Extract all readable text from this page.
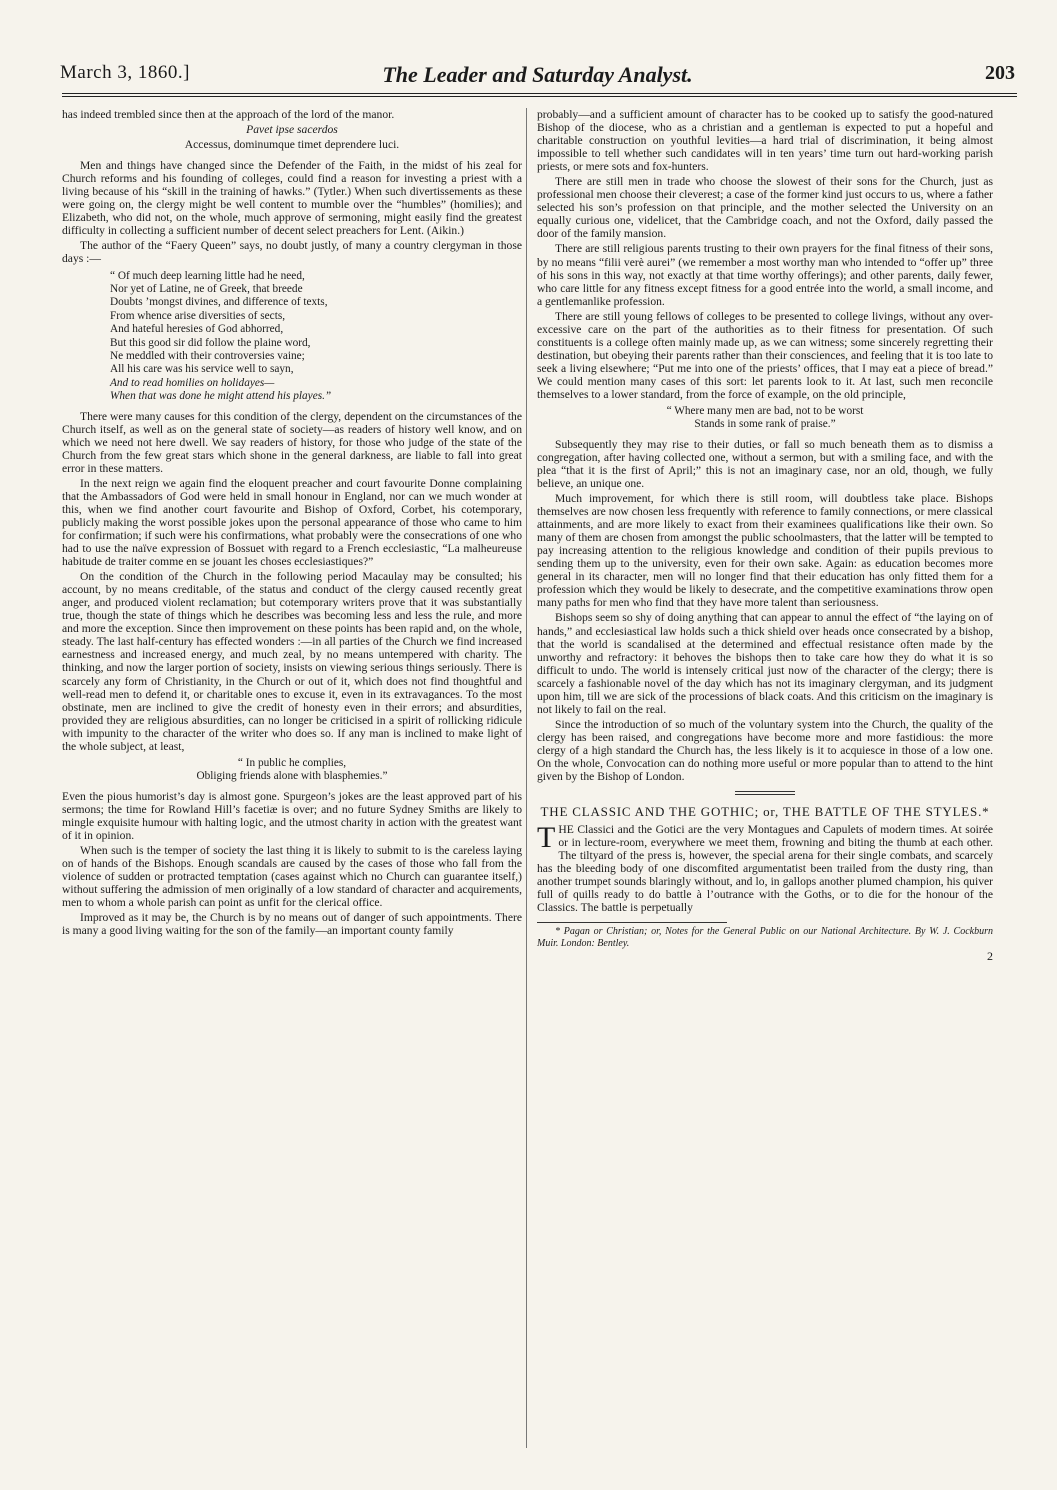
March 3, 1860.]	The Leader and Saturday Analyst.	203

has indeed trembled since then at the approach of the lord of the manor.

Pavet ipse sacerdos

Accessus, dominumque timet deprendere luci.

Men and things have changed since the Defender of the Faith, in the midst of his zeal for Church reforms and his founding of colleges, could find a reason for investing a priest with a living because of his “skill in the training of hawks.” (Tytler.) When such divertissements as these were going on, the clergy might be well content to mumble over the “humbles” (homilies); and Elizabeth, who did not, on the whole, much approve of sermoning, might easily find the greatest difficulty in collecting a sufficient number of decent select preachers for Lent. (Aikin.)

The author of the “Faery Queen” says, no doubt justly, of many a country clergyman in those days :—

“ Of much deep learning little had he need,
Nor yet of Latine, ne of Greek, that breede
Doubts ’mongst divines, and difference of texts,
From whence arise diversities of sects,
And hateful heresies of God abhorred,
But this good sir did follow the plaine word,
Ne meddled with their controversies vaine;
All his care was his service well to sayn,
And to read homilies on holidayes—
When that was done he might attend his playes.”

There were many causes for this condition of the clergy, dependent on the circumstances of the Church itself, as well as on the general state of society—as readers of history well know, and on which we need not here dwell. We say readers of history, for those who judge of the state of the Church from the few great stars which shone in the general darkness, are liable to fall into great error in these matters.

In the next reign we again find the eloquent preacher and court favourite Donne complaining that the Ambassadors of God were held in small honour in England, nor can we much wonder at this, when we find another court favourite and Bishop of Oxford, Corbet, his cotemporary, publicly making the worst possible jokes upon the personal appearance of those who came to him for confirmation; if such were his confirmations, what probably were the consecrations of one who had to use the naïve expression of Bossuet with regard to a French ecclesiastic, “La malheureuse habitude de traiter comme en se jouant les choses ecclesiastiques?”

On the condition of the Church in the following period Macaulay may be consulted; his account, by no means creditable, of the status and conduct of the clergy caused recently great anger, and produced violent reclamation; but cotemporary writers prove that it was substantially true, though the state of things which he describes was becoming less and less the rule, and more and more the exception. Since then improvement on these points has been rapid and, on the whole, steady. The last half-century has effected wonders :—in all parties of the Church we find increased earnestness and increased energy, and much zeal, by no means untempered with charity. The thinking, and now the larger portion of society, insists on viewing serious things seriously. There is scarcely any form of Christianity, in the Church or out of it, which does not find thoughtful and well-read men to defend it, or charitable ones to excuse it, even in its extravagances. To the most obstinate, men are inclined to give the credit of honesty even in their errors; and absurdities, provided they are religious absurdities, can no longer be criticised in a spirit of rollicking ridicule with impunity to the character of the writer who does so. If any man is inclined to make light of the whole subject, at least,

“ In public he complies,
Obliging friends alone with blasphemies.”

Even the pious humorist’s day is almost gone. Spurgeon’s jokes are the least approved part of his sermons; the time for Rowland Hill’s facetiæ is over; and no future Sydney Smiths are likely to mingle exquisite humour with halting logic, and the utmost charity in action with the greatest want of it in opinion.

When such is the temper of society the last thing it is likely to submit to is the careless laying on of hands of the Bishops. Enough scandals are caused by the cases of those who fall from the violence of sudden or protracted temptation (cases against which no Church can guarantee itself,) without suffering the admission of men originally of a low standard of character and acquirements, men to whom a whole parish can point as unfit for the clerical office.

Improved as it may be, the Church is by no means out of danger of such appointments. There is many a good living waiting for the son of the family—an important county family

probably—and a sufficient amount of character has to be cooked up to satisfy the good-natured Bishop of the diocese, who as a christian and a gentleman is expected to put a hopeful and charitable construction on youthful levities—a hard trial of discrimination, it being almost impossible to tell whether such candidates will in ten years’ time turn out hard-working parish priests, or mere sots and fox-hunters.

There are still men in trade who choose the slowest of their sons for the Church, just as professional men choose their cleverest; a case of the former kind just occurs to us, where a father selected his son’s profession on that principle, and the mother selected the University on an equally curious one, videlicet, that the Cambridge coach, and not the Oxford, daily passed the door of the family mansion.

There are still religious parents trusting to their own prayers for the final fitness of their sons, by no means “filii verè aurei” (we remember a most worthy man who intended to “offer up” three of his sons in this way, not exactly at that time worthy offerings); and other parents, daily fewer, who care little for any fitness except fitness for a good entrée into the world, a small income, and a gentlemanlike profession.

There are still young fellows of colleges to be presented to college livings, without any over-excessive care on the part of the authorities as to their fitness for presentation. Of such constituents is a college often mainly made up, as we can witness; some sincerely regretting their destination, but obeying their parents rather than their consciences, and feeling that it is too late to seek a living elsewhere; “Put me into one of the priests’ offices, that I may eat a piece of bread.” We could mention many cases of this sort: let parents look to it. At last, such men reconcile themselves to a lower standard, from the force of example, on the old principle,

“ Where many men are bad, not to be worst
Stands in some rank of praise.”

Subsequently they may rise to their duties, or fall so much beneath them as to dismiss a congregation, after having collected one, without a sermon, but with a smiling face, and with the plea “that it is the first of April;” this is not an imaginary case, nor an old, though, we fully believe, an unique one.

Much improvement, for which there is still room, will doubtless take place. Bishops themselves are now chosen less frequently with reference to family connections, or mere classical attainments, and are more likely to exact from their examinees qualifications like their own. So many of them are chosen from amongst the public schoolmasters, that the latter will be tempted to pay increasing attention to the religious knowledge and condition of their pupils previous to sending them up to the university, even for their own sake. Again: as education becomes more general in its character, men will no longer find that their education has only fitted them for a profession which they would be likely to desecrate, and the competitive examinations throw open many paths for men who find that they have more talent than seriousness.

Bishops seem so shy of doing anything that can appear to annul the effect of “the laying on of hands,” and ecclesiastical law holds such a thick shield over heads once consecrated by a bishop, that the world is scandalised at the determined and effectual resistance often made by the unworthy and refractory: it behoves the bishops then to take care how they do what it is so difficult to undo. The world is intensely critical just now of the character of the clergy; there is scarcely a fashionable novel of the day which has not its imaginary clergyman, and its judgment upon him, till we are sick of the processions of black coats. And this criticism on the imaginary is not likely to fail on the real.

Since the introduction of so much of the voluntary system into the Church, the quality of the clergy has been raised, and congregations have become more and more fastidious: the more clergy of a high standard the Church has, the less likely is it to acquiesce in those of a low one. On the whole, Convocation can do nothing more useful or more popular than to attend to the hint given by the Bishop of London.

THE CLASSIC AND THE GOTHIC; or, THE BATTLE OF THE STYLES.*

THE Classici and the Gotici are the very Montagues and Capulets of modern times. At soirée or in lecture-room, everywhere we meet them, frowning and biting the thumb at each other. The tiltyard of the press is, however, the special arena for their single combats, and scarcely has the bleeding body of one discomfited argumentatist been trailed from the dusty ring, than another trumpet sounds blaringly without, and lo, in gallops another plumed champion, his quiver full of quills ready to do battle à l’outrance with the Goths, or to die for the honour of the Classics. The battle is perpetually

* Pagan or Christian; or, Notes for the General Public on our National Architecture. By W. J. Cockburn Muir. London: Bentley.

2
